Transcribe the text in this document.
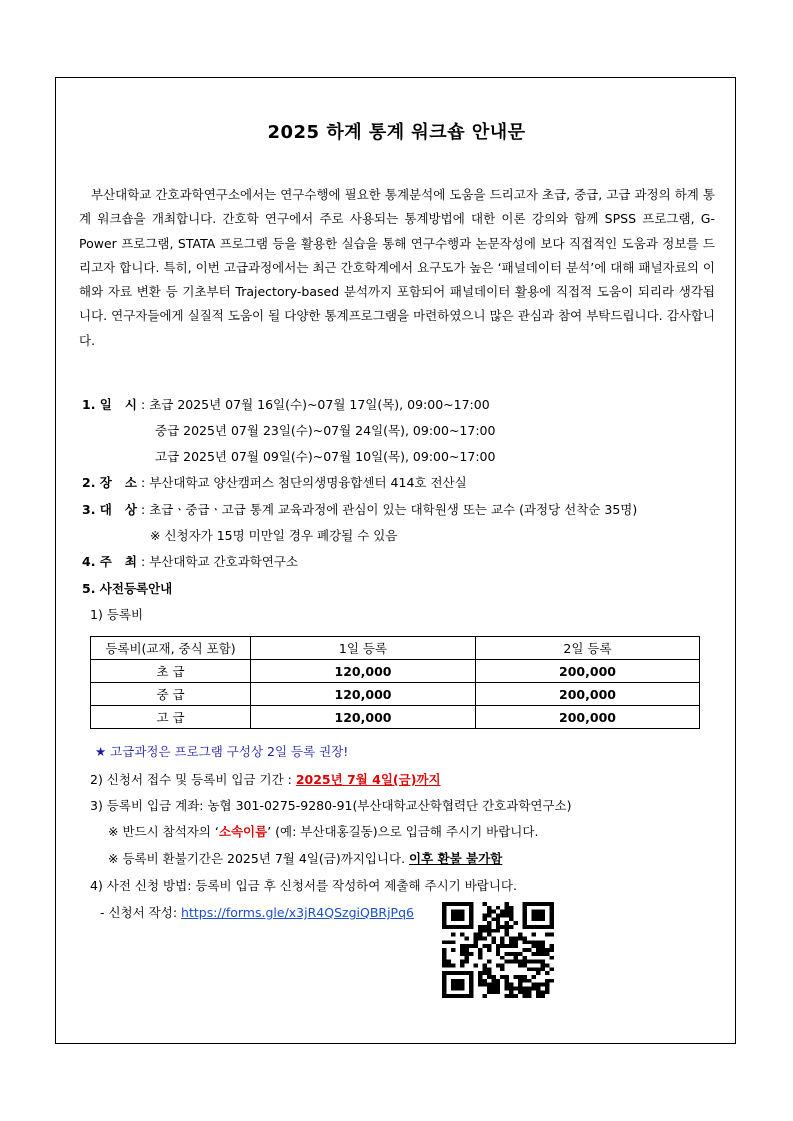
2025 하계 통계 워크숍 안내문
부산대학교 간호과학연구소에서는 연구수행에 필요한 통계분석에 도움을 드리고자 초급, 중급, 고급 과정의 하계 통계 워크숍을 개최합니다. 간호학 연구에서 주로 사용되는 통계방법에 대한 이론 강의와 함께 SPSS 프로그램, G-Power 프로그램, STATA 프로그램 등을 활용한 실습을 통해 연구수행과 논문작성에 보다 직접적인 도움과 정보를 드리고자 합니다. 특히, 이번 고급과정에서는 최근 간호학계에서 요구도가 높은 ‘패널데이터 분석’에 대해 패널자료의 이해와 자료 변환 등 기초부터 Trajectory-based 분석까지 포함되어 패널데이터 활용에 직접적 도움이 되리라 생각됩니다. 연구자들에게 실질적 도움이 될 다양한 통계프로그램을 마련하였으니 많은 관심과 참여 부탁드립니다. 감사합니다.
1. 일   시 : 초급 2025년 07월 16일(수)~07월 17일(목), 09:00~17:00
중급 2025년 07월 23일(수)~07월 24일(목), 09:00~17:00
고급 2025년 07월 09일(수)~07월 10일(목), 09:00~17:00
2. 장   소 : 부산대학교 양산캠퍼스 첨단의생명융합센터 414호 전산실
3. 대   상 : 초급ㆍ중급ㆍ고급 통계 교육과정에 관심이 있는 대학원생 또는 교수 (과정당 선착순 35명)
※ 신청자가 15명 미만일 경우 폐강될 수 있음
4. 주   최 : 부산대학교 간호과학연구소
5. 사전등록안내
1) 등록비
등록비(교재, 중식 포함)	1일 등록	2일 등록
초 급	120,000	200,000
중 급	120,000	200,000
고 급	120,000	200,000
★ 고급과정은 프로그램 구성상 2일 등록 권장!
2) 신청서 접수 및 등록비 입금 기간 : 2025년 7월 4일(금)까지
3) 등록비 입금 계좌: 농협 301-0275-9280-91(부산대학교산학협력단 간호과학연구소)
※ 반드시 참석자의 ‘소속이름’ (예: 부산대홍길동)으로 입금해 주시기 바랍니다.
※ 등록비 환불기간은 2025년 7월 4일(금)까지입니다. 이후 환불 불가함
4) 사전 신청 방법: 등록비 입금 후 신청서를 작성하여 제출해 주시기 바랍니다.
- 신청서 작성: https://forms.gle/x3jR4QSzgiQBRjPq6
